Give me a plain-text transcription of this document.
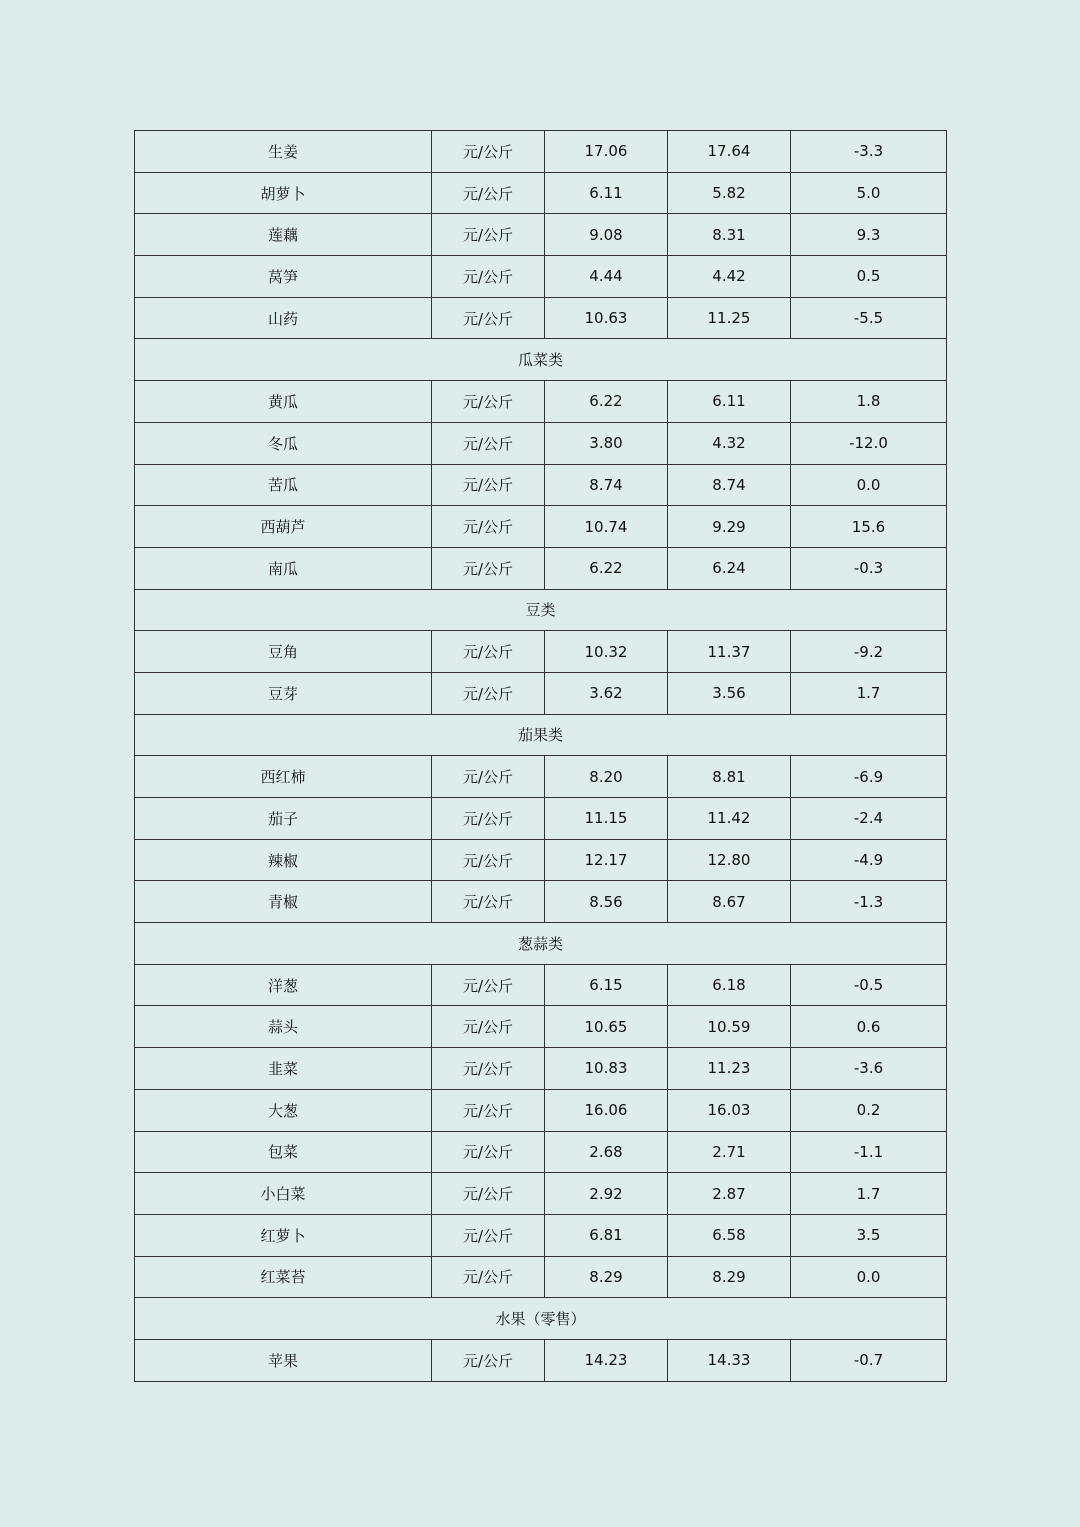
生姜	元/公斤	17.06	17.64	-3.3
胡萝卜	元/公斤	6.11	5.82	5.0
莲藕	元/公斤	9.08	8.31	9.3
莴笋	元/公斤	4.44	4.42	0.5
山药	元/公斤	10.63	11.25	-5.5
瓜菜类				
黄瓜	元/公斤	6.22	6.11	1.8
冬瓜	元/公斤	3.80	4.32	-12.0
苦瓜	元/公斤	8.74	8.74	0.0
西葫芦	元/公斤	10.74	9.29	15.6
南瓜	元/公斤	6.22	6.24	-0.3
豆类				
豆角	元/公斤	10.32	11.37	-9.2
豆芽	元/公斤	3.62	3.56	1.7
茄果类				
西红柿	元/公斤	8.20	8.81	-6.9
茄子	元/公斤	11.15	11.42	-2.4
辣椒	元/公斤	12.17	12.80	-4.9
青椒	元/公斤	8.56	8.67	-1.3
葱蒜类				
洋葱	元/公斤	6.15	6.18	-0.5
蒜头	元/公斤	10.65	10.59	0.6
韭菜	元/公斤	10.83	11.23	-3.6
大葱	元/公斤	16.06	16.03	0.2
包菜	元/公斤	2.68	2.71	-1.1
小白菜	元/公斤	2.92	2.87	1.7
红萝卜	元/公斤	6.81	6.58	3.5
红菜苔	元/公斤	8.29	8.29	0.0
水果（零售）				
苹果	元/公斤	14.23	14.33	-0.7
